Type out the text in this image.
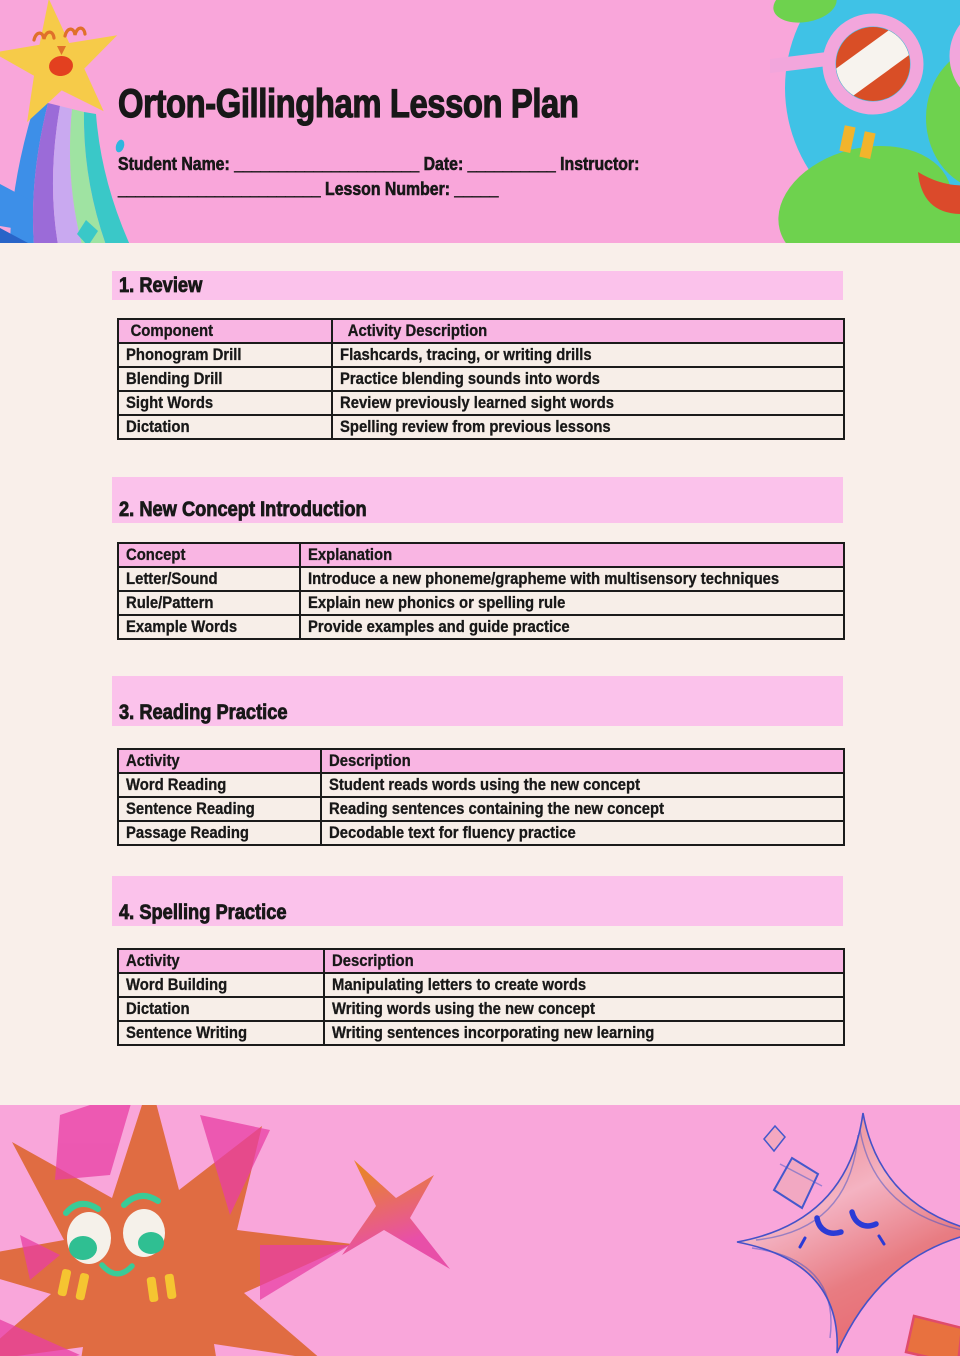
Orton-Gillingham Lesson Plan
Student Name: _____________________ Date: __________ Instructor:
_______________________ Lesson Number: _____
1. Review
Component	Activity Description
Phonogram Drill	Flashcards, tracing, or writing drills
Blending Drill	Practice blending sounds into words
Sight Words	Review previously learned sight words
Dictation	Spelling review from previous lessons
2. New Concept Introduction
Concept	Explanation
Letter/Sound	Introduce a new phoneme/grapheme with multisensory techniques
Rule/Pattern	Explain new phonics or spelling rule
Example Words	Provide examples and guide practice
3. Reading Practice
Activity	Description
Word Reading	Student reads words using the new concept
Sentence Reading	Reading sentences containing the new concept
Passage Reading	Decodable text for fluency practice
4. Spelling Practice
Activity	Description
Word Building	Manipulating letters to create words
Dictation	Writing words using the new concept
Sentence Writing	Writing sentences incorporating new learning
